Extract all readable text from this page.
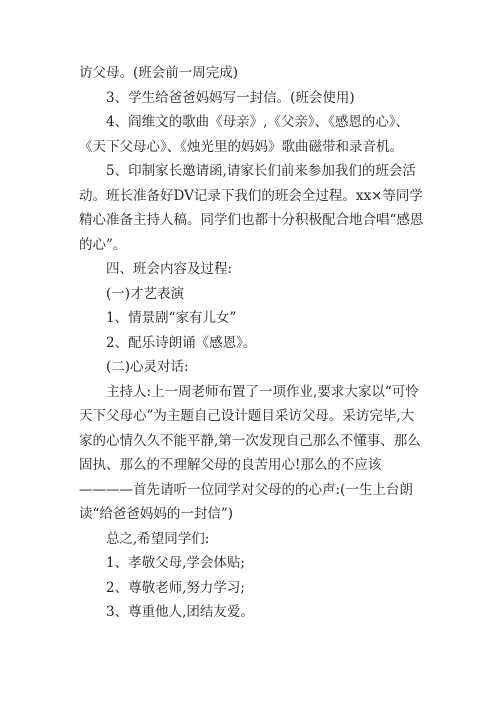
访父母。(班会前一周完成)

3、学生给爸爸妈妈写一封信。(班会使用)

4、阎维文的歌曲《母亲》,《父亲》、《感恩的心》、《天下父母心》、《烛光里的妈妈》歌曲磁带和录音机。

5、印制家长邀请函,请家长们前来参加我们的班会活动。班长准备好DV记录下我们的班会全过程。xx×等同学精心准备主持人稿。同学们也都十分积极配合地合唱“感恩的心”。

四、班会内容及过程:

(一)才艺表演

1、情景剧“家有儿女”

2、配乐诗朗诵《感恩》。

(二)心灵对话:

主持人:上一周老师布置了一项作业,要求大家以“可怜天下父母心”为主题自己设计题目采访父母。采访完毕,大家的心情久久不能平静,第一次发现自己那么不懂事、那么固执、那么的不理解父母的良苦用心!那么的不应该————首先请听一位同学对父母的的心声:(一生上台朗读“给爸爸妈妈的一封信”)

总之,希望同学们:

1、孝敬父母,学会体贴;

2、尊敬老师,努力学习;

3、尊重他人,团结友爱。
